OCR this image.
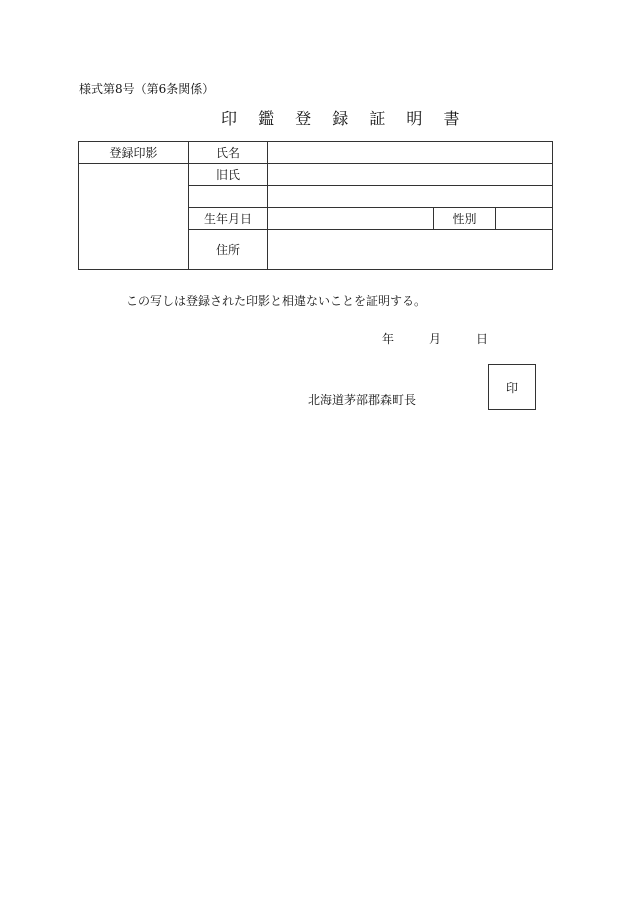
様式第8号（第6条関係）
印 鑑 登 録 証 明 書
登録印影	氏名			
	旧氏			

	生年月日		性別	
	住所			
この写しは登録された印影と相違ないことを証明する。
年	月	日
北海道茅部郡森町長
印
